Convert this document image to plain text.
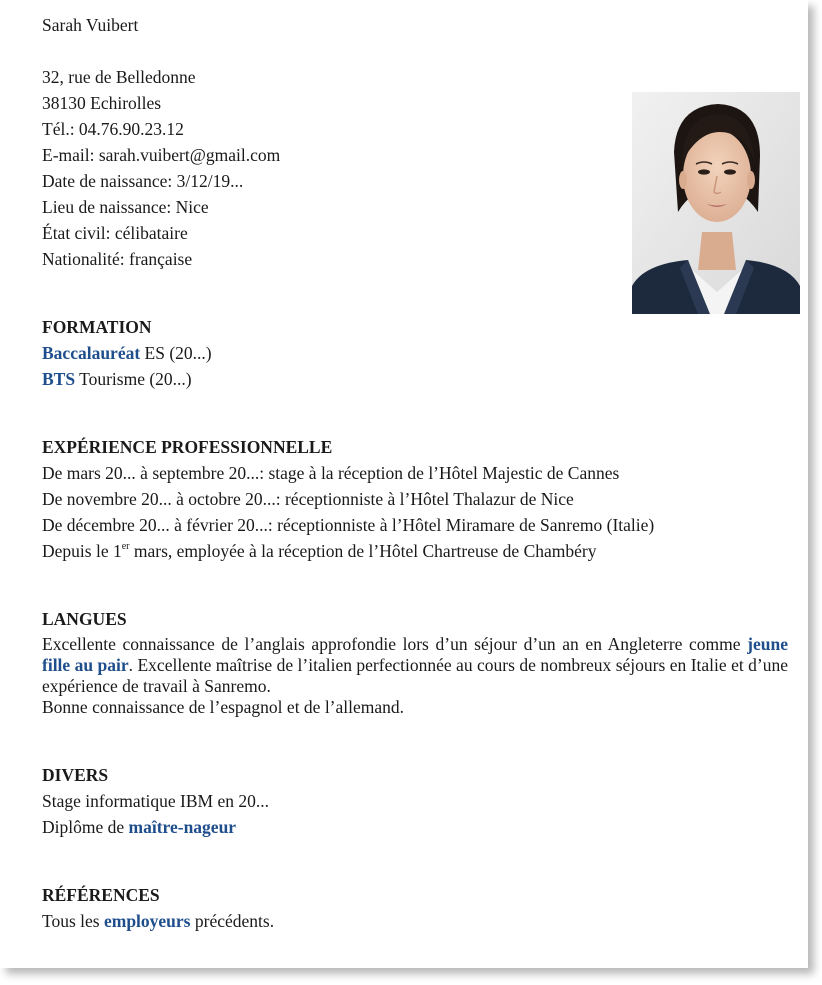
Sarah Vuibert
32, rue de Belledonne
38130 Echirolles
Tél.: 04.76.90.23.12
E-mail: sarah.vuibert@gmail.com
Date de naissance: 3/12/19...
Lieu de naissance: Nice
État civil: célibataire
Nationalité: française
FORMATION
Baccalauréat ES (20...)
BTS Tourisme (20...)
EXPÉRIENCE PROFESSIONNELLE
De mars 20... à septembre 20...: stage à la réception de l’Hôtel Majestic de Cannes
De novembre 20... à octobre 20...: réceptionniste à l’Hôtel Thalazur de Nice
De décembre 20... à février 20...: réceptionniste à l’Hôtel Miramare de Sanremo (Italie)
Depuis le 1er mars, employée à la réception de l’Hôtel Chartreuse de Chambéry
LANGUES
Excellente connaissance de l’anglais approfondie lors d’un séjour d’un an en Angleterre comme jeune fille au pair. Excellente maîtrise de l’italien perfectionnée au cours de nombreux séjours en Italie et d’une expérience de travail à Sanremo.
Bonne connaissance de l’espagnol et de l’allemand.
DIVERS
Stage informatique IBM en 20...
Diplôme de maître-nageur
RÉFÉRENCES
Tous les employeurs précédents.
